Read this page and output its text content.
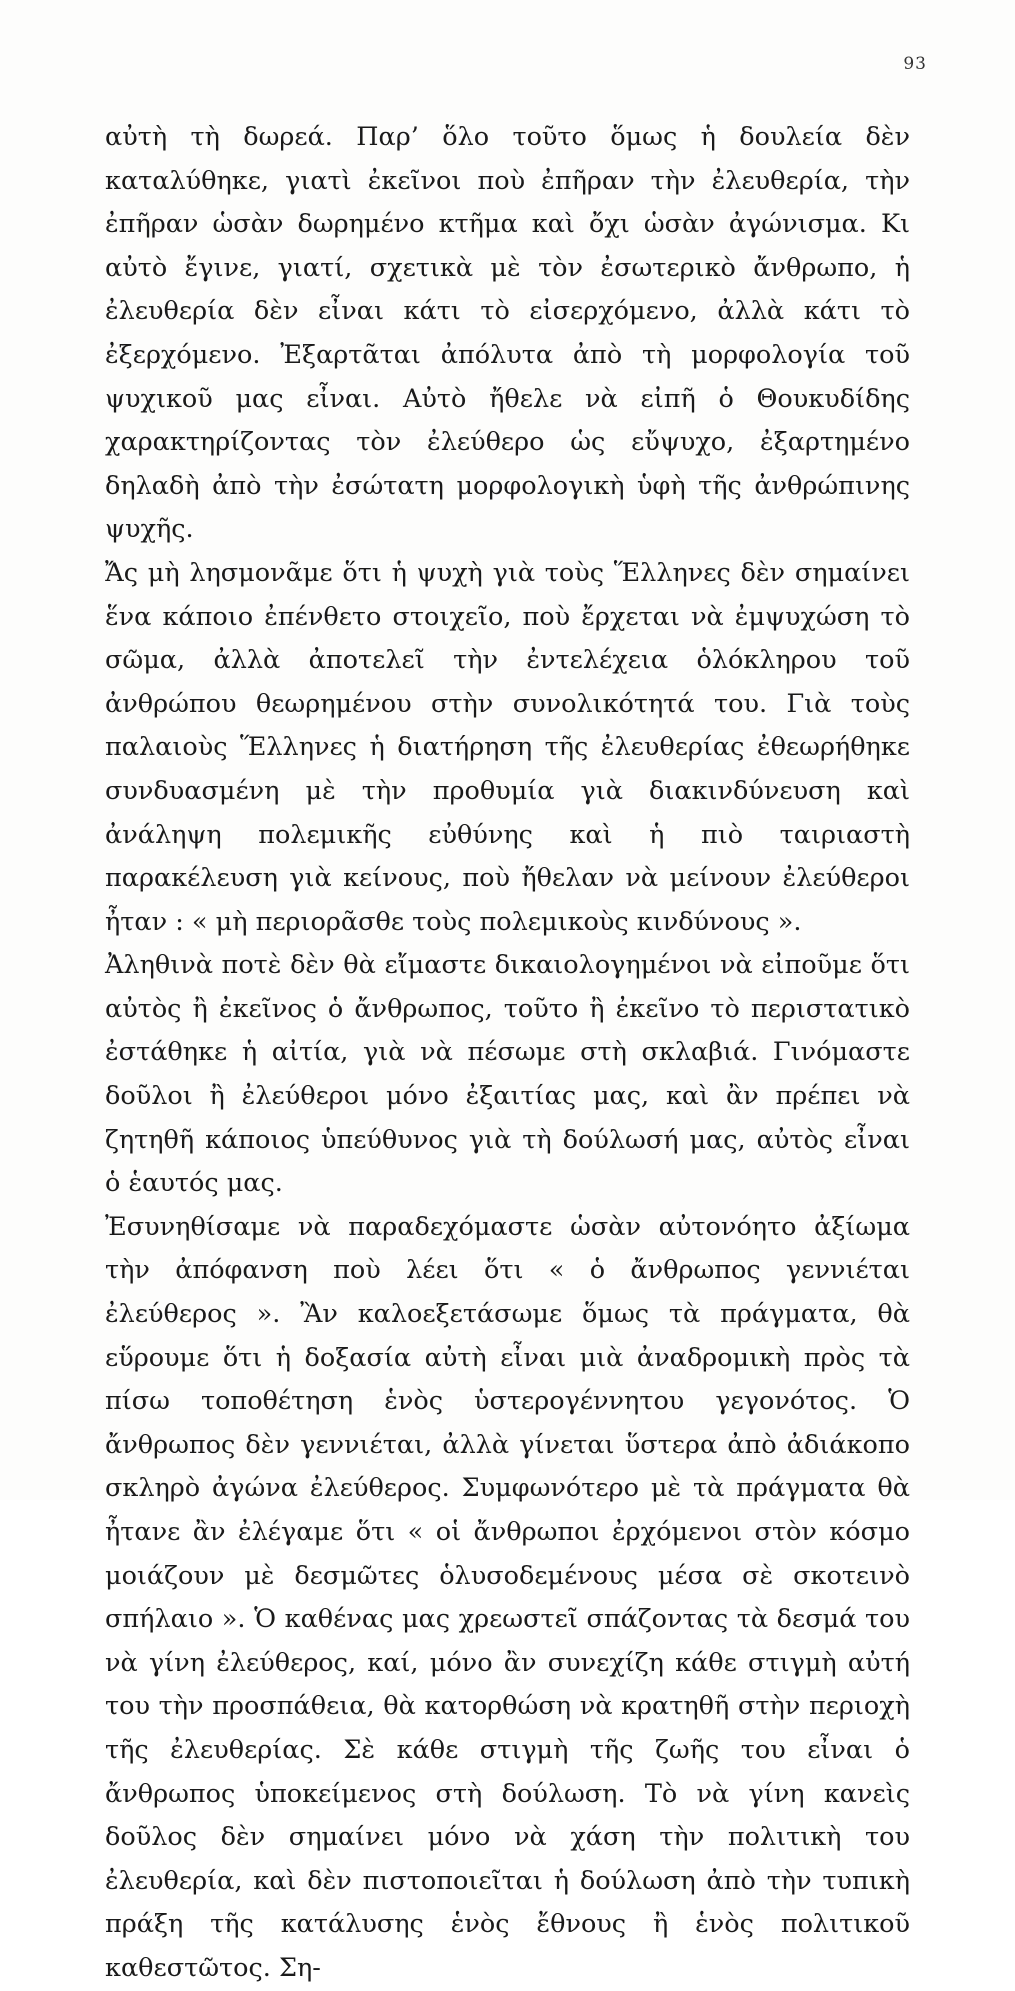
93

αὐτὴ τὴ δωρεά. Παρ’ ὅλο τοῦτο ὅμως ἡ δουλεία δὲν καταλύθηκε, γιατὶ ἐκεῖνοι ποὺ ἐπῆραν τὴν ἐλευθερία, τὴν ἐπῆραν ὡσὰν δωρημένο κτῆμα καὶ ὄχι ὡσὰν ἀγώνισμα. Κι αὐτὸ ἔγινε, γιατί, σχετικὰ μὲ τὸν ἐσωτερικὸ ἄνθρωπο, ἡ ἐλευθερία δὲν εἶναι κάτι τὸ εἰσερχόμενο, ἀλλὰ κάτι τὸ ἐξερχόμενο. Ἐξαρτᾶται ἀπόλυτα ἀπὸ τὴ μορφολογία τοῦ ψυχικοῦ μας εἶναι. Αὐτὸ ἤθελε νὰ εἰπῆ ὁ Θουκυδίδης χαρακτηρίζοντας τὸν ἐλεύθερο ὡς εὔψυχο, ἐξαρτημένο δηλαδὴ ἀπὸ τὴν ἐσώτατη μορφολογικὴ ὑφὴ τῆς ἀνθρώπινης ψυχῆς.

Ἄς μὴ λησμονᾶμε ὅτι ἡ ψυχὴ γιὰ τοὺς Ἕλληνες δὲν σημαίνει ἕνα κάποιο ἐπένθετο στοιχεῖο, ποὺ ἔρχεται νὰ ἐμψυχώση τὸ σῶμα, ἀλλὰ ἀποτελεῖ τὴν ἐντελέχεια ὁλόκληρου τοῦ ἀνθρώπου θεωρημένου στὴν συνολικότητά του. Γιὰ τοὺς παλαιοὺς Ἕλληνες ἡ διατήρηση τῆς ἐλευθερίας ἐθεωρήθηκε συνδυασμένη μὲ τὴν προθυμία γιὰ διακινδύνευση καὶ ἀνάληψη πολεμικῆς εὐθύνης καὶ ἡ πιὸ ταιριαστὴ παρακέλευση γιὰ κείνους, ποὺ ἤθελαν νὰ μείνουν ἐλεύθεροι ἦταν : « μὴ περιορᾶσθε τοὺς πολεμικοὺς κινδύνους ».

Ἀληθινὰ ποτὲ δὲν θὰ εἴμαστε δικαιολογημένοι νὰ εἰποῦμε ὅτι αὐτὸς ἢ ἐκεῖνος ὁ ἄνθρωπος, τοῦτο ἢ ἐκεῖνο τὸ περιστατικὸ ἐστάθηκε ἡ αἰτία, γιὰ νὰ πέσωμε στὴ σκλαβιά. Γινόμαστε δοῦλοι ἢ ἐλεύθεροι μόνο ἐξαιτίας μας, καὶ ἂν πρέπει νὰ ζητηθῆ κάποιος ὑπεύθυνος γιὰ τὴ δούλωσή μας, αὐτὸς εἶναι ὁ ἑαυτός μας.

Ἐσυνηθίσαμε νὰ παραδεχόμαστε ὡσὰν αὐτονόητο ἀξίωμα τὴν ἀπόφανση ποὺ λέει ὅτι « ὁ ἄνθρωπος γεννιέται ἐλεύθερος ». Ἂν καλοεξετάσωμε ὅμως τὰ πράγματα, θὰ εὕρουμε ὅτι ἡ δοξασία αὐτὴ εἶναι μιὰ ἀναδρομικὴ πρὸς τὰ πίσω τοποθέτηση ἑνὸς ὑστερογέννητου γεγονότος. Ὁ ἄνθρωπος δὲν γεννιέται, ἀλλὰ γίνεται ὕστερα ἀπὸ ἀδιάκοπο σκληρὸ ἀγώνα ἐλεύθερος. Συμφωνότερο μὲ τὰ πράγματα θὰ ἦτανε ἂν ἐλέγαμε ὅτι « οἱ ἄνθρωποι ἐρχόμενοι στὸν κόσμο μοιάζουν μὲ δεσμῶτες ὁλυσοδεμένους μέσα σὲ σκοτεινὸ σπήλαιο ». Ὁ καθένας μας χρεωστεῖ σπάζοντας τὰ δεσμά του νὰ γίνη ἐλεύθερος, καί, μόνο ἂν συνεχίζη κάθε στιγμὴ αὐτή του τὴν προσπάθεια, θὰ κατορθώση νὰ κρατηθῆ στὴν περιοχὴ τῆς ἐλευθερίας. Σὲ κάθε στιγμὴ τῆς ζωῆς του εἶναι ὁ ἄνθρωπος ὑποκείμενος στὴ δούλωση. Τὸ νὰ γίνη κανεὶς δοῦλος δὲν σημαίνει μόνο νὰ χάση τὴν πολιτικὴ του ἐλευθερία, καὶ δὲν πιστοποιεῖται ἡ δούλωση ἀπὸ τὴν τυπικὴ πράξη τῆς κατάλυσης ἑνὸς ἔθνους ἢ ἑνὸς πολιτικοῦ καθεστῶτος. Ση-
